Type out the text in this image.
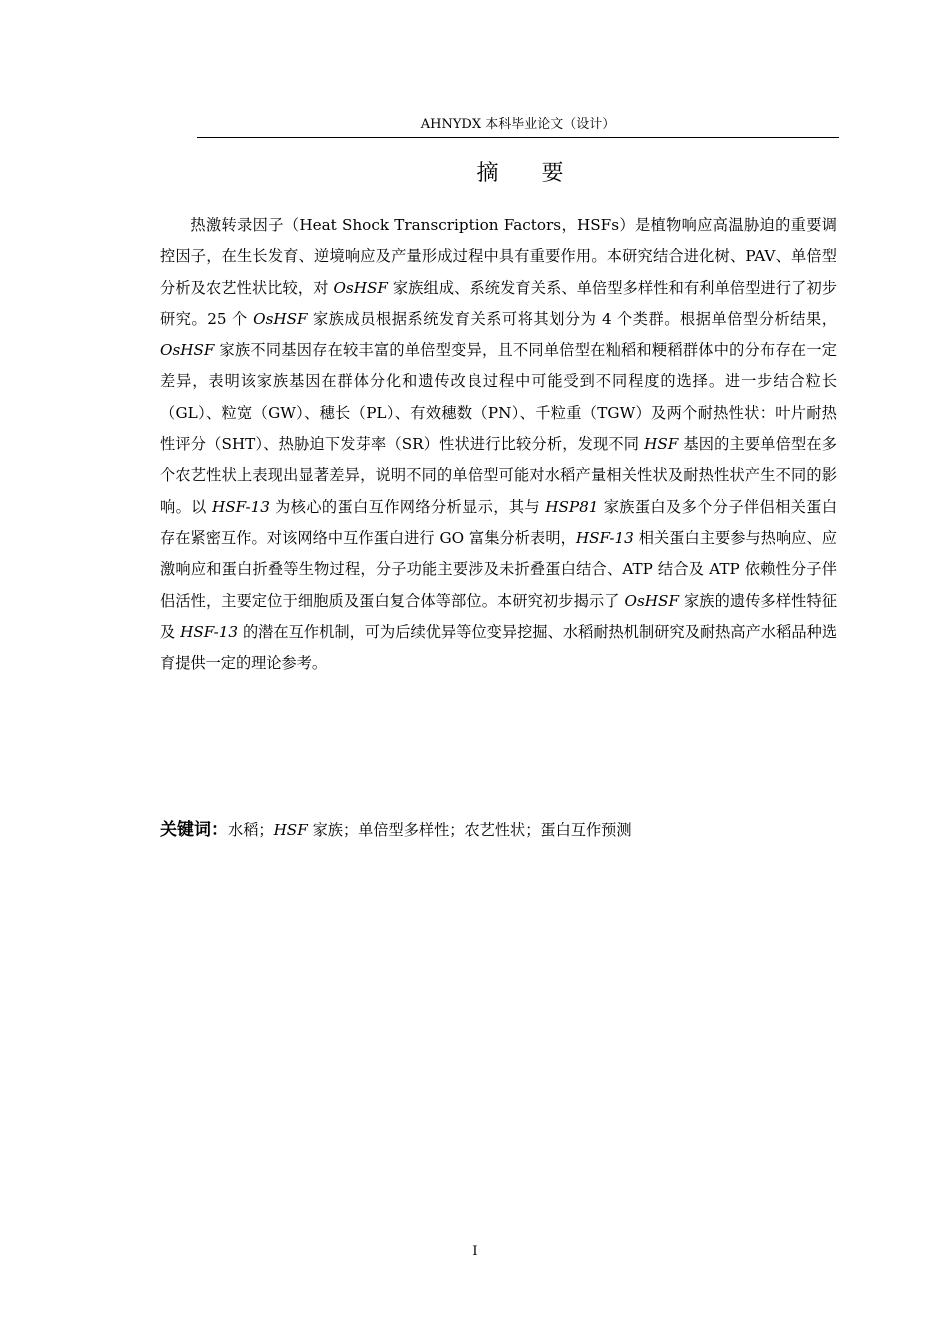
AHNYDX 本科毕业论文（设计）
摘 要

热激转录因子（Heat Shock Transcription Factors，HSFs）是植物响应高温胁迫的重要调控因子，在生长发育、逆境响应及产量形成过程中具有重要作用。本研究结合进化树、PAV、单倍型分析及农艺性状比较，对 OsHSF 家族组成、系统发育关系、单倍型多样性和有利单倍型进行了初步研究。25 个 OsHSF 家族成员根据系统发育关系可将其划分为 4 个类群。根据单倍型分析结果，OsHSF 家族不同基因存在较丰富的单倍型变异，且不同单倍型在籼稻和粳稻群体中的分布存在一定差异，表明该家族基因在群体分化和遗传改良过程中可能受到不同程度的选择。进一步结合粒长（GL）、粒宽（GW）、穗长（PL）、有效穗数（PN）、千粒重（TGW）及两个耐热性状：叶片耐热性评分（SHT）、热胁迫下发芽率（SR）性状进行比较分析，发现不同 HSF 基因的主要单倍型在多个农艺性状上表现出显著差异，说明不同的单倍型可能对水稻产量相关性状及耐热性状产生不同的影响。以 HSF-13 为核心的蛋白互作网络分析显示，其与 HSP81 家族蛋白及多个分子伴侣相关蛋白存在紧密互作。对该网络中互作蛋白进行 GO 富集分析表明，HSF-13 相关蛋白主要参与热响应、应激响应和蛋白折叠等生物过程，分子功能主要涉及未折叠蛋白结合、ATP 结合及 ATP 依赖性分子伴侣活性，主要定位于细胞质及蛋白复合体等部位。本研究初步揭示了 OsHSF 家族的遗传多样性特征及 HSF-13 的潜在互作机制，可为后续优异等位变异挖掘、水稻耐热机制研究及耐热高产水稻品种选育提供一定的理论参考。

关键词：水稻；HSF 家族；单倍型多样性；农艺性状；蛋白互作预测

I
